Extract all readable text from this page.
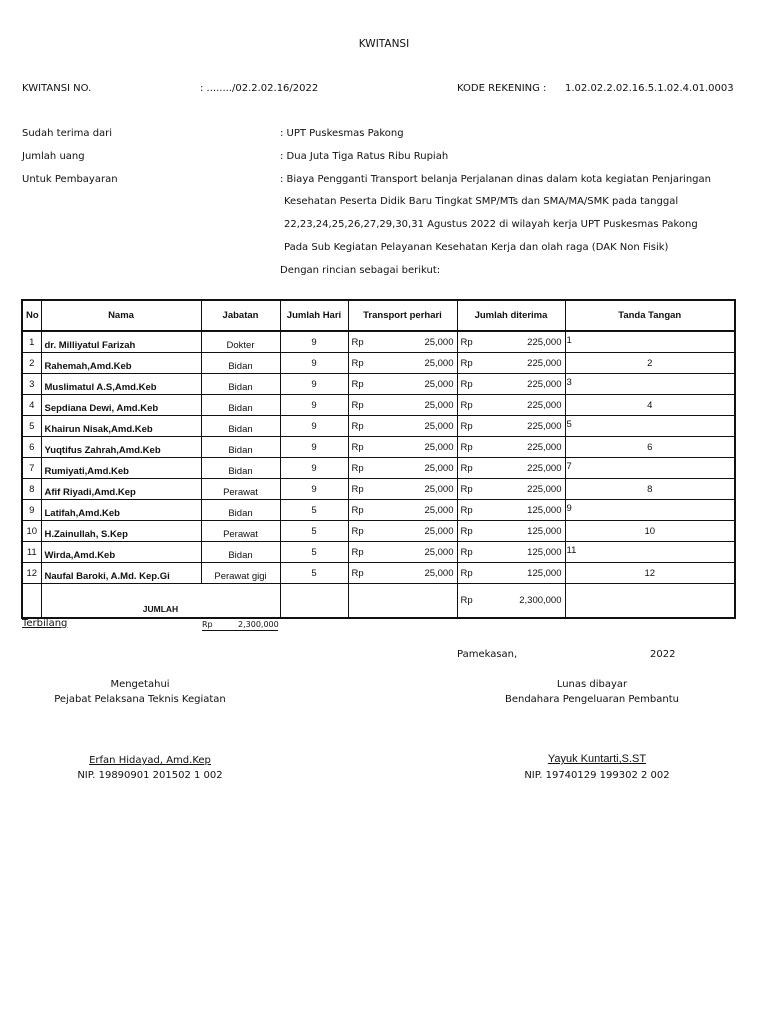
KWITANSI
KWITANSI NO.	: ......../02.2.02.16/2022	KODE REKENING : 1.02.02.2.02.16.5.1.02.4.01.0003
Sudah terima dari	: UPT Puskesmas Pakong
Jumlah uang	: Dua Juta Tiga Ratus Ribu Rupiah
Untuk Pembayaran	: Biaya Pengganti Transport belanja Perjalanan dinas dalam kota kegiatan Penjaringan
Kesehatan Peserta Didik Baru Tingkat SMP/MTs dan SMA/MA/SMK pada tanggal
22,23,24,25,26,27,29,30,31 Agustus 2022 di wilayah kerja UPT Puskesmas Pakong
Pada Sub Kegiatan Pelayanan Kesehatan Kerja dan olah raga (DAK Non Fisik)
Dengan rincian sebagai berikut:
No	Nama	Jabatan	Jumlah Hari	Transport perhari	Jumlah diterima	Tanda Tangan
1	dr. Milliyatul Farizah	Dokter	9	Rp 25,000	Rp 225,000	1

2	Rahemah,Amd.Keb	Bidan	9	Rp 25,000	Rp 225,000	2

3	Muslimatul A.S,Amd.Keb	Bidan	9	Rp 25,000	Rp 225,000	3

4	Sepdiana Dewi, Amd.Keb	Bidan	9	Rp 25,000	Rp 225,000	4

5	Khairun Nisak,Amd.Keb	Bidan	9	Rp 25,000	Rp 225,000	5

6	Yuqtifus Zahrah,Amd.Keb	Bidan	9	Rp 25,000	Rp 225,000	6

7	Rumiyati,Amd.Keb	Bidan	9	Rp 25,000	Rp 225,000	7

8	Afif Riyadi,Amd.Kep	Perawat	9	Rp 25,000	Rp 225,000	8

9	Latifah,Amd.Keb	Bidan	5	Rp 25,000	Rp 125,000	9

10	H.Zainullah, S.Kep	Perawat	5	Rp 25,000	Rp 125,000	10

11	Wirda,Amd.Keb	Bidan	5	Rp 25,000	Rp 125,000	11

12	Naufal Baroki, A.Md. Kep.Gi	Perawat gigi	5	Rp 25,000	Rp 125,000	12

	JUMLAH				Rp 2,300,000	

Terbilang	Rp	2,300,000
Pamekasan,	2022
Mengetahui
Pejabat Pelaksana Teknis Kegiatan
Erfan Hidayad, Amd.Kep
NIP. 19890901 201502 1 002
Lunas dibayar
Bendahara Pengeluaran Pembantu
Yayuk Kuntarti,S.ST
NIP. 19740129 199302 2 002
